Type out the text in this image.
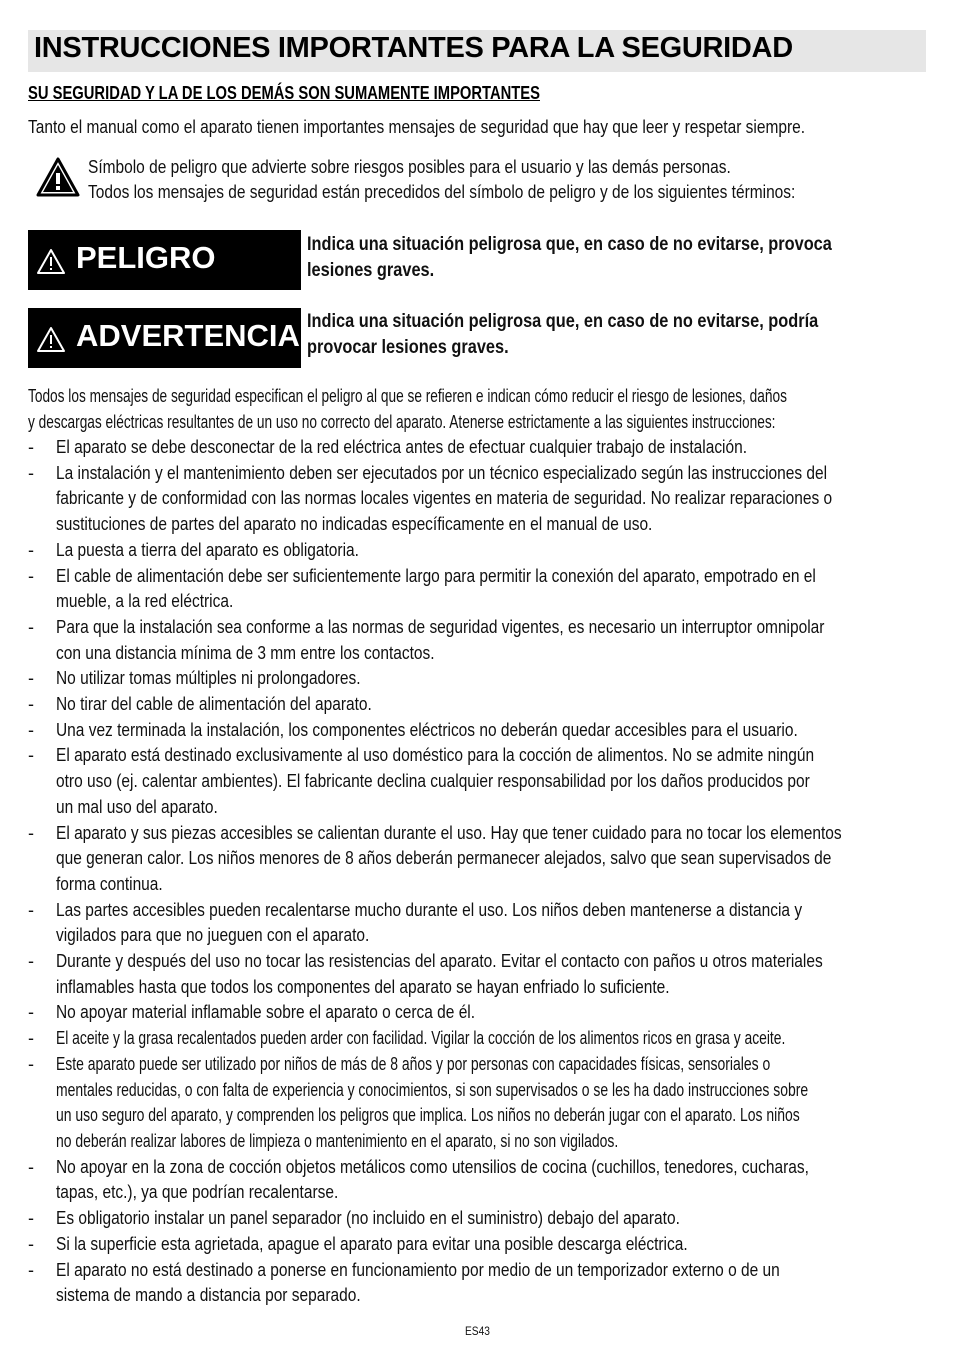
INSTRUCCIONES IMPORTANTES PARA LA SEGURIDAD
SU SEGURIDAD Y LA DE LOS DEMÁS SON SUMAMENTE IMPORTANTES
Tanto el manual como el aparato tienen importantes mensajes de seguridad que hay que leer y respetar siempre.
Símbolo de peligro que advierte sobre riesgos posibles para el usuario y las demás personas.
Todos los mensajes de seguridad están precedidos del símbolo de peligro y de los siguientes términos:
PELIGRO	Indica una situación peligrosa que, en caso de no evitarse, provoca
lesiones graves.
ADVERTENCIA Indica una situación peligrosa que, en caso de no evitarse, podría
provocar lesiones graves.
Todos los mensajes de seguridad especifican el peligro al que se refieren e indican cómo reducir el riesgo de lesiones, daños
y descargas eléctricas resultantes de un uso no correcto del aparato. Atenerse estrictamente a las siguientes instrucciones:
- El aparato se debe desconectar de la red eléctrica antes de efectuar cualquier trabajo de instalación.
- La instalación y el mantenimiento deben ser ejecutados por un técnico especializado según las instrucciones del
fabricante y de conformidad con las normas locales vigentes en materia de seguridad. No realizar reparaciones o
sustituciones de partes del aparato no indicadas específicamente en el manual de uso.
- La puesta a tierra del aparato es obligatoria.
- El cable de alimentación debe ser suficientemente largo para permitir la conexión del aparato, empotrado en el
mueble, a la red eléctrica.
- Para que la instalación sea conforme a las normas de seguridad vigentes, es necesario un interruptor omnipolar
con una distancia mínima de 3 mm entre los contactos.
- No utilizar tomas múltiples ni prolongadores.
- No tirar del cable de alimentación del aparato.
- Una vez terminada la instalación, los componentes eléctricos no deberán quedar accesibles para el usuario.
- El aparato está destinado exclusivamente al uso doméstico para la cocción de alimentos. No se admite ningún
otro uso (ej. calentar ambientes). El fabricante declina cualquier responsabilidad por los daños producidos por
un mal uso del aparato.
- El aparato y sus piezas accesibles se calientan durante el uso. Hay que tener cuidado para no tocar los elementos
que generan calor. Los niños menores de 8 años deberán permanecer alejados, salvo que sean supervisados de
forma continua.
- Las partes accesibles pueden recalentarse mucho durante el uso. Los niños deben mantenerse a distancia y
vigilados para que no jueguen con el aparato.
- Durante y después del uso no tocar las resistencias del aparato. Evitar el contacto con paños u otros materiales
inflamables hasta que todos los componentes del aparato se hayan enfriado lo suficiente.
- No apoyar material inflamable sobre el aparato o cerca de él.
- El aceite y la grasa recalentados pueden arder con facilidad. Vigilar la cocción de los alimentos ricos en grasa y aceite.
- Este aparato puede ser utilizado por niños de más de 8 años y por personas con capacidades físicas, sensoriales o
mentales reducidas, o con falta de experiencia y conocimientos, si son supervisados o se les ha dado instrucciones sobre
un uso seguro del aparato, y comprenden los peligros que implica. Los niños no deberán jugar con el aparato. Los niños
no deberán realizar labores de limpieza o mantenimiento en el aparato, si no son vigilados.
- No apoyar en la zona de cocción objetos metálicos como utensilios de cocina (cuchillos, tenedores, cucharas,
tapas, etc.), ya que podrían recalentarse.
- Es obligatorio instalar un panel separador (no incluido en el suministro) debajo del aparato.
- Si la superficie esta agrietada, apague el aparato para evitar una posible descarga eléctrica.
- El aparato no está destinado a ponerse en funcionamiento por medio de un temporizador externo o de un
sistema de mando a distancia por separado.
ES43
